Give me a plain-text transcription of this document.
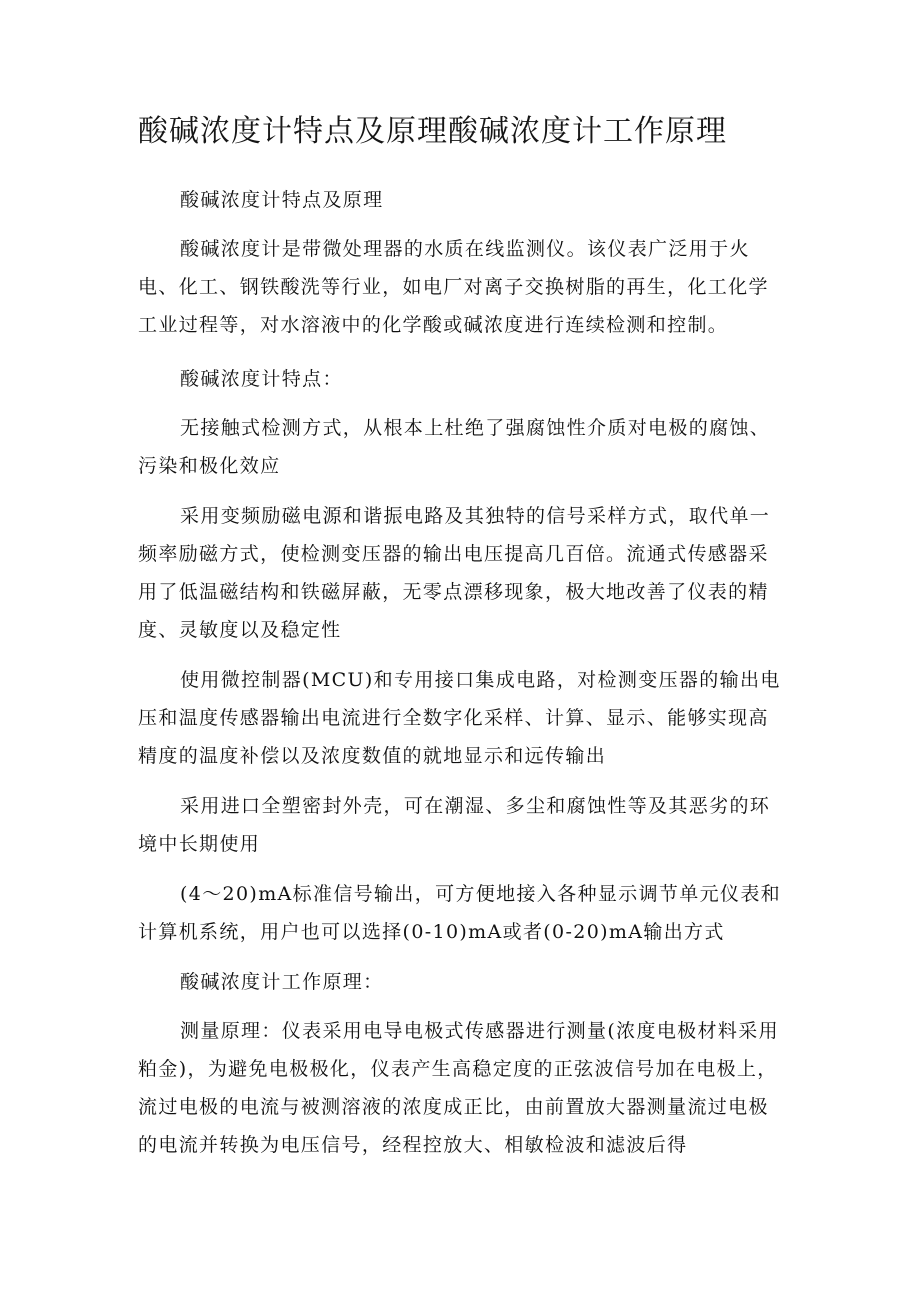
酸碱浓度计特点及原理酸碱浓度计工作原理
酸碱浓度计特点及原理
酸碱浓度计是带微处理器的水质在线监测仪。该仪表广泛用于火电、化工、钢铁酸洗等行业，如电厂对离子交换树脂的再生，化工化学工业过程等，对水溶液中的化学酸或碱浓度进行连续检测和控制。
酸碱浓度计特点：
无接触式检测方式，从根本上杜绝了强腐蚀性介质对电极的腐蚀、污染和极化效应
采用变频励磁电源和谐振电路及其独特的信号采样方式，取代单一频率励磁方式，使检测变压器的输出电压提高几百倍。流通式传感器采用了低温磁结构和铁磁屏蔽，无零点漂移现象，极大地改善了仪表的精度、灵敏度以及稳定性
使用微控制器(MCU)和专用接口集成电路，对检测变压器的输出电压和温度传感器输出电流进行全数字化采样、计算、显示、能够实现高精度的温度补偿以及浓度数值的就地显示和远传输出
采用进口全塑密封外壳，可在潮湿、多尘和腐蚀性等及其恶劣的环境中长期使用
(4～20)mA标准信号输出，可方便地接入各种显示调节单元仪表和计算机系统，用户也可以选择(0-10)mA或者(0-20)mA输出方式
酸碱浓度计工作原理：
测量原理：仪表采用电导电极式传感器进行测量(浓度电极材料采用粕金)，为避免电极极化，仪表产生高稳定度的正弦波信号加在电极上，流过电极的电流与被测溶液的浓度成正比，由前置放大器测量流过电极的电流并转换为电压信号，经程控放大、相敏检波和滤波后得
